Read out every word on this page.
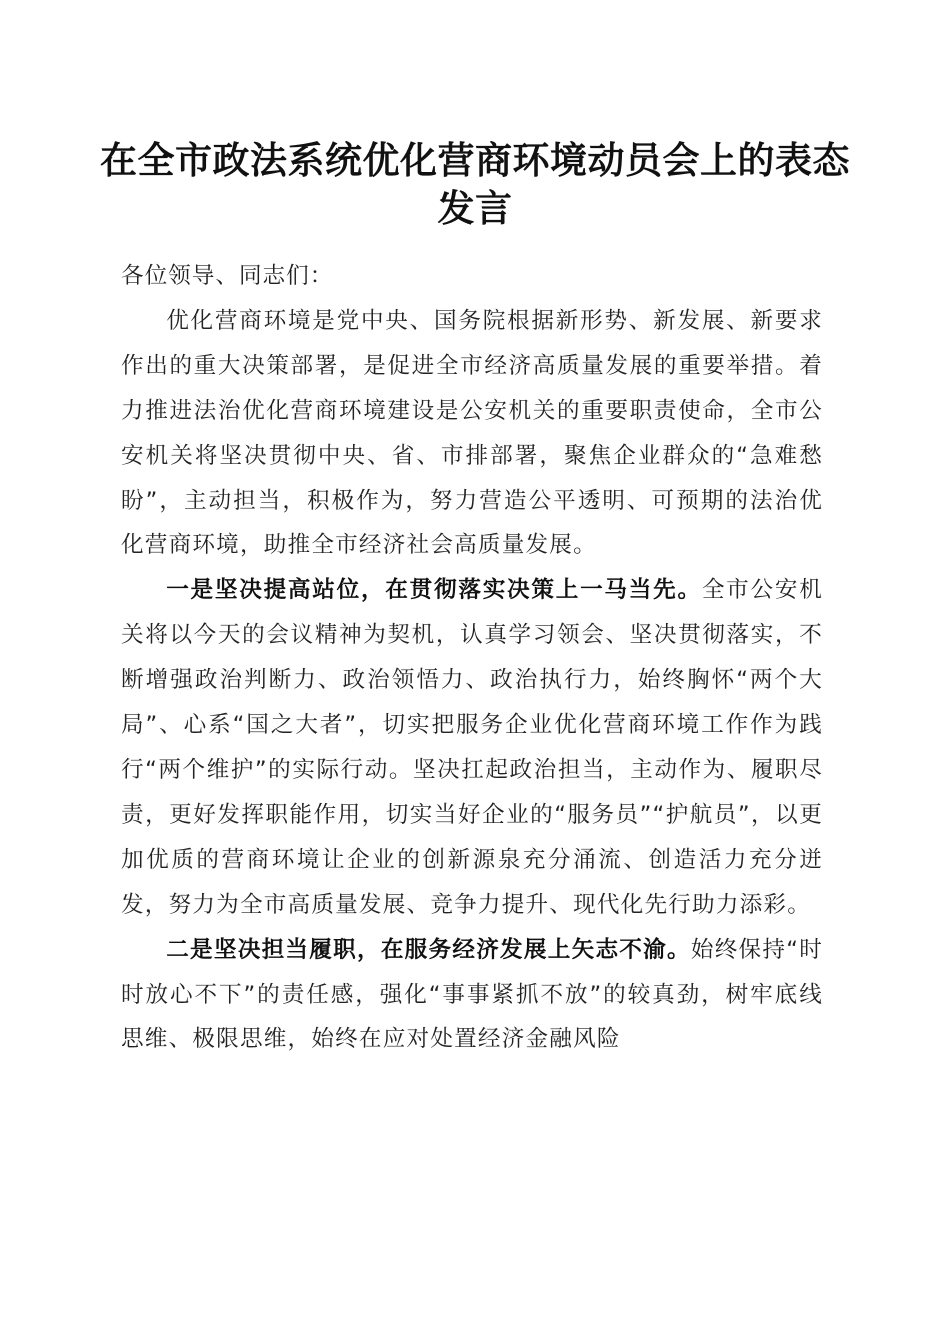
在全市政法系统优化营商环境动员会上的表态发言

各位领导、同志们：

优化营商环境是党中央、国务院根据新形势、新发展、新要求作出的重大决策部署，是促进全市经济高质量发展的重要举措。着力推进法治优化营商环境建设是公安机关的重要职责使命，全市公安机关将坚决贯彻中央、省、市排部署，聚焦企业群众的“急难愁盼”，主动担当，积极作为，努力营造公平透明、可预期的法治优化营商环境，助推全市经济社会高质量发展。

一是坚决提高站位，在贯彻落实决策上一马当先。全市公安机关将以今天的会议精神为契机，认真学习领会、坚决贯彻落实，不断增强政治判断力、政治领悟力、政治执行力，始终胸怀“两个大局”、心系“国之大者”，切实把服务企业优化营商环境工作作为践行“两个维护”的实际行动。坚决扛起政治担当，主动作为、履职尽责，更好发挥职能作用，切实当好企业的“服务员”“护航员”，以更加优质的营商环境让企业的创新源泉充分涌流、创造活力充分迸发，努力为全市高质量发展、竞争力提升、现代化先行助力添彩。

二是坚决担当履职，在服务经济发展上矢志不渝。始终保持“时时放心不下”的责任感，强化“事事紧抓不放”的较真劲，树牢底线思维、极限思维，始终在应对处置经济金融风险
